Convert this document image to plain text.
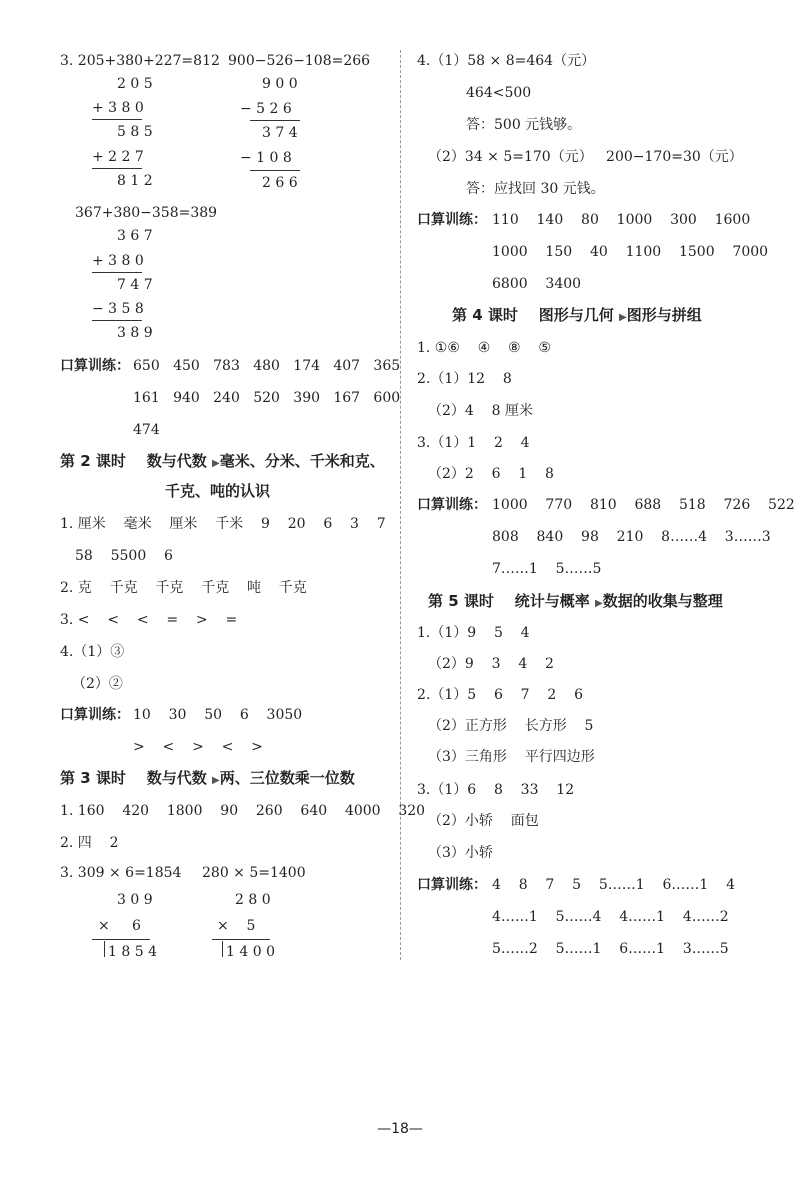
3. 205+380+227=812 900−526−108=266
2 0 5
+ 3 8 0
5 8 5
+ 2 2 7
8 1 2
9 0 0
− 5 2 6
3 7 4
− 1 0 8
2 6 6
367+380−358=389
3 6 7
+ 3 8 0
7 4 7
− 3 5 8
3 8 9
口算训练： 650   450   783   480   174   407   365
161   940   240   520   390   167   600
474
第 2 课时    数与代数 ▶毫米、分米、千米和克、
千克、吨的认识
1. 厘米    毫米    厘米    千米    9    20    6    3    7
58    5500    6
2. 克    千克    千克    千克    吨    千克
3. <    <    <    =    >    =
4.（1）③
（2）②
口算训练： 10    30    50    6    3050
>    <    >    <    >
第 3 课时    数与代数 ▶两、三位数乘一位数
1. 160    420    1800    90    260    640    4000    320
2. 四    2
3. 309 × 6=1854 280 × 5=1400
3 0 9
×     6
1 8 5 4
2 8 0
×    5
1 4 0 0
4.（1）58 × 8=464（元）
464<500
答：500 元钱够。
（2）34 × 5=170（元）   200−170=30（元）
答：应找回 30 元钱。
口算训练： 110    140    80    1000    300    1600
1000    150    40    1100    1500    7000
6800    3400
第 4 课时    图形与几何 ▶图形与拼组
1. ①⑥    ④    ⑧    ⑤
2.（1）12    8
（2）4    8 厘米
3.（1）1    2    4
（2）2    6    1    8
口算训练： 1000    770    810    688    518    726    522
808    840    98    210    8……4    3……3
7……1    5……5
第 5 课时    统计与概率 ▶数据的收集与整理
1.（1）9    5    4
（2）9    3    4    2
2.（1）5    6    7    2    6
（2）正方形    长方形    5
（3）三角形    平行四边形
3.（1）6    8    33    12
（2）小轿    面包
（3）小轿
口算训练： 4    8    7    5    5……1    6……1    4
4……1    5……4    4……1    4……2
5……2    5……1    6……1    3……5
—18—
